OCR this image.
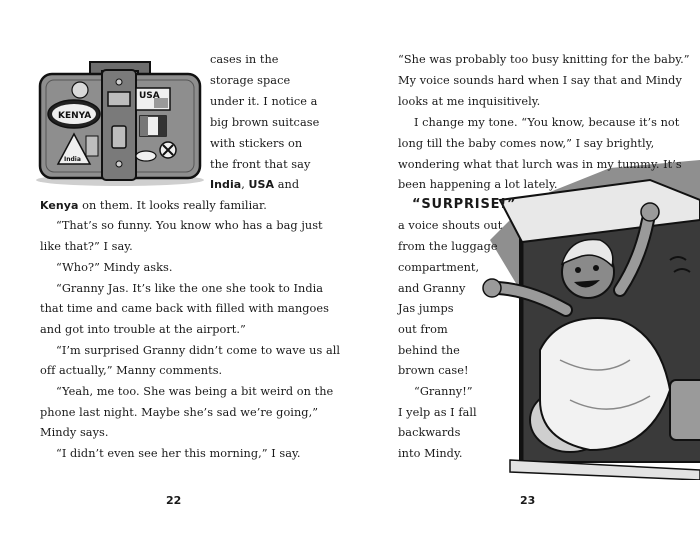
USA
KENYA
India
cases in the
storage space
under it. I notice a
big brown suitcase
with stickers on
the front that say
India, USA and
Kenya on them. It looks really familiar.
“That’s so funny. You know who has a bag just
like that?” I say.
“Who?” Mindy asks.
“Granny Jas. It’s like the one she took to India
that time and came back with filled with mangoes
and got into trouble at the airport.”
“I’m surprised Granny didn’t come to wave us all
off actually,” Manny comments.
“Yeah, me too. She was being a bit weird on the
phone last night. Maybe she’s sad we’re going,”
Mindy says.
“I didn’t even see her this morning,” I say.
22
“She was probably too busy knitting for the baby.”
My voice sounds hard when I say that and Mindy
looks at me inquisitively.
I change my tone. “You know, because it’s not
long till the baby comes now,” I say brightly,
wondering what that lurch was in my tummy. It’s
been happening a lot lately.
“SURPRISE!”
a voice shouts out
from the luggage
compartment,
and Granny
Jas jumps
out from
behind the
brown case!
“Granny!”
I yelp as I fall
backwards
into Mindy.
23
